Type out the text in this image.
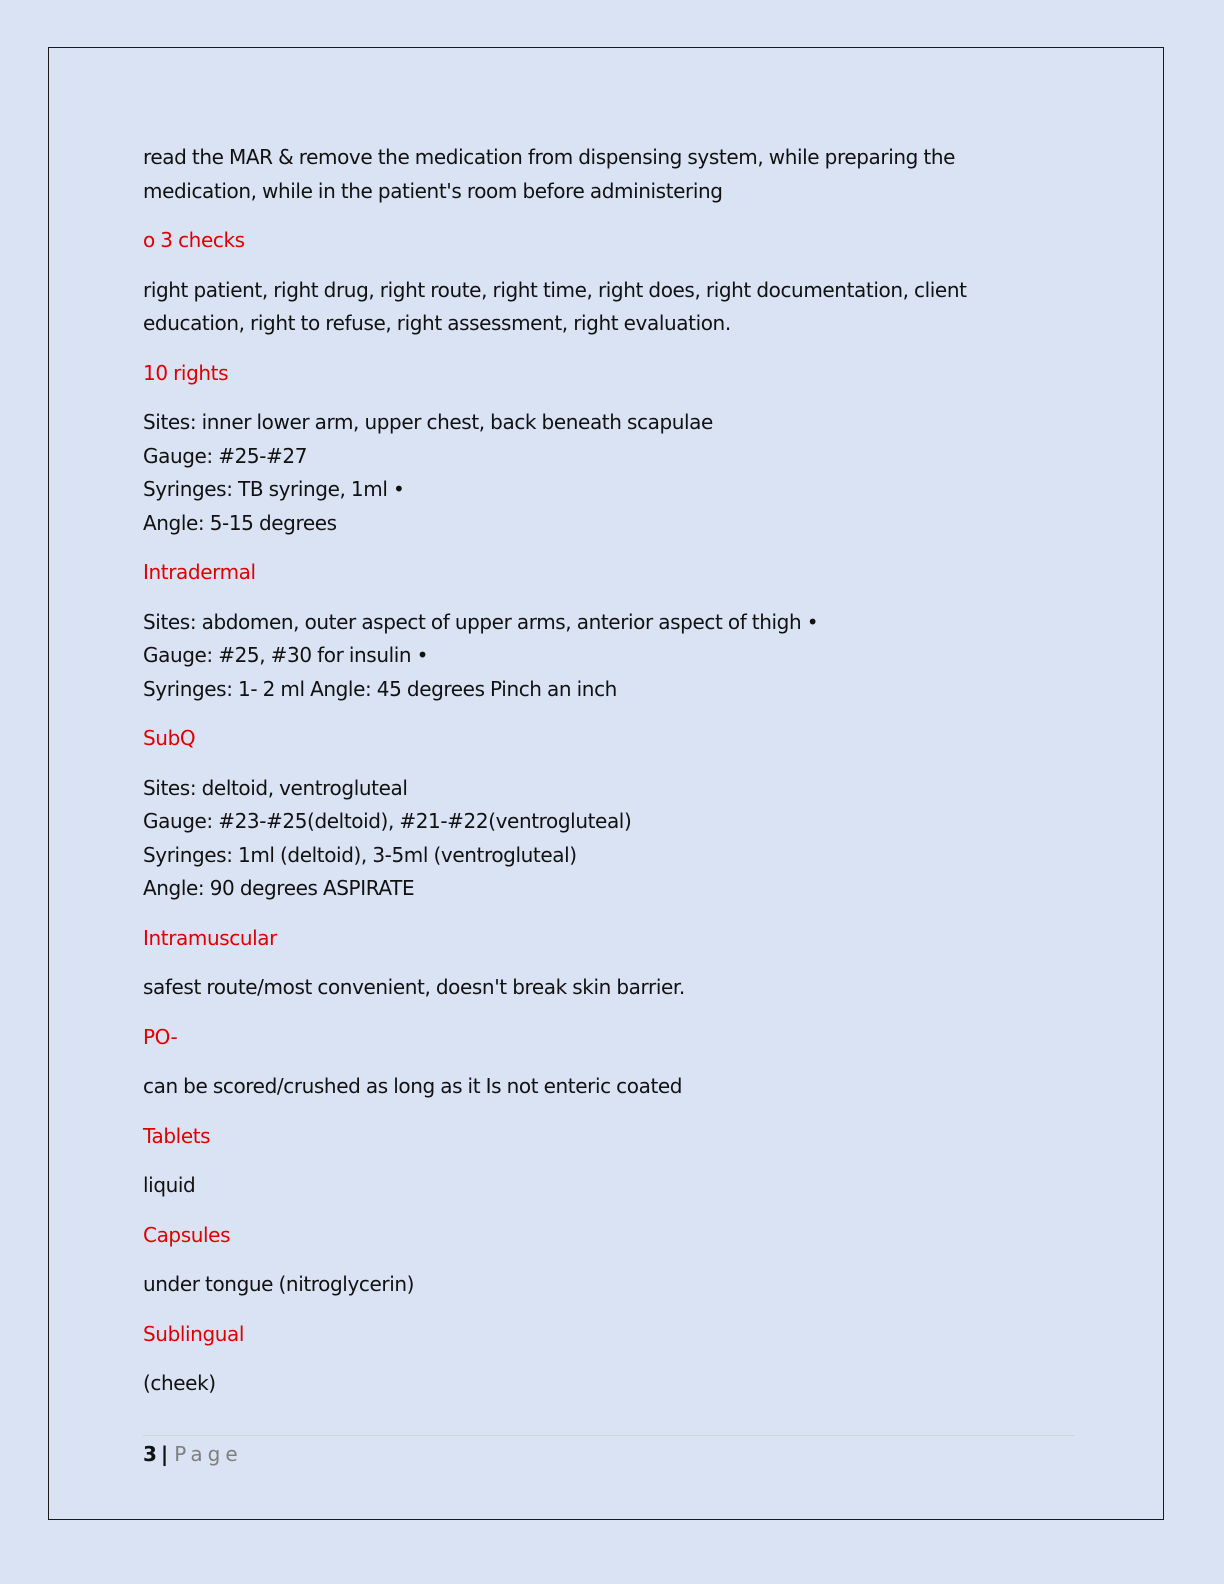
read the MAR & remove the medication from dispensing system, while preparing the
medication, while in the patient's room before administering
o 3 checks
right patient, right drug, right route, right time, right does, right documentation, client
education, right to refuse, right assessment, right evaluation.
10 rights
Sites: inner lower arm, upper chest, back beneath scapulae
Gauge: #25-#27
Syringes: TB syringe, 1ml •
Angle: 5-15 degrees
Intradermal
Sites: abdomen, outer aspect of upper arms, anterior aspect of thigh •
Gauge: #25, #30 for insulin •
Syringes: 1- 2 ml Angle: 45 degrees Pinch an inch
SubQ
Sites: deltoid, ventrogluteal
Gauge: #23-#25(deltoid), #21-#22(ventrogluteal)
Syringes: 1ml (deltoid), 3-5ml (ventrogluteal)
Angle: 90 degrees ASPIRATE
Intramuscular
safest route/most convenient, doesn't break skin barrier.
PO-
can be scored/crushed as long as it Is not enteric coated
Tablets
liquid
Capsules
under tongue (nitroglycerin)
Sublingual
(cheek)
3 | Page
